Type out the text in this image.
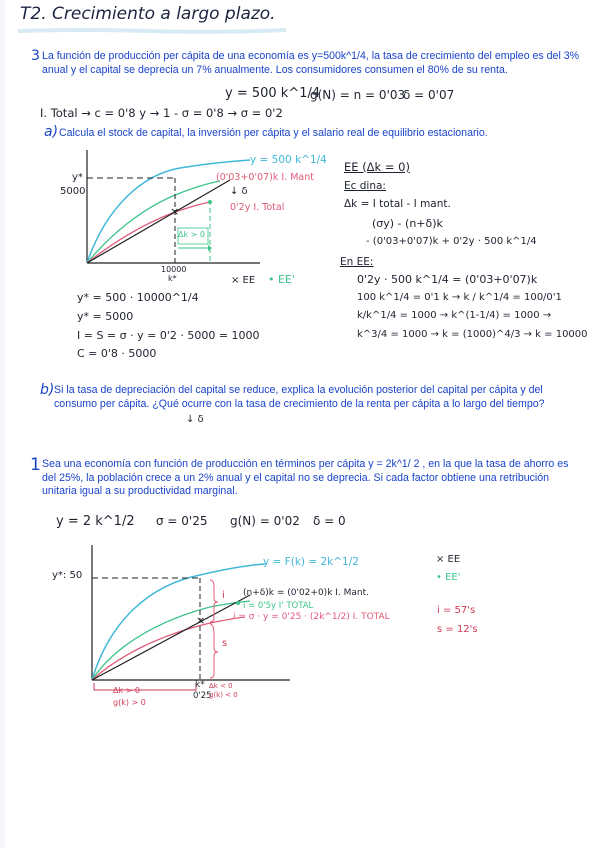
T2. Crecimiento a largo plazo.
3 La función de producción per cápita de una economía es y=500k^1/4, la tasa de crecimiento del empleo es del 3% anual y el capital se deprecia un 7% anualmente. Los consumidores consumen el 80% de su renta.
y = 500 k^1/4
g(N) = n = 0'03
δ = 0'07
I. Total → c = 0'8 y → 1 - σ = 0'8 → σ = 0'2
a) Calcula el stock de capital, la inversión per cápita y el salario real de equilibrio estacionario.
×
y*
5000
y = 500 k^1/4
(0'03+0'07)k I. Mant
↓ δ
0'2y I. Total
Δk > 0
10000
k*	× EE • EE'
y* = 500 · 10000^1/4
y* = 5000
I = S = σ · y = 0'2 · 5000 = 1000
C = 0'8 · 5000
EE (Δk = 0)
Ec dina:
Δk = I total - I mant.
(σy) - (n+δ)k
- (0'03+0'07)k + 0'2y · 500 k^1/4
En EE:
0'2y · 500 k^1/4 = (0'03+0'07)k
100 k^1/4 = 0'1 k → k / k^1/4 = 100/0'1
k/k^1/4 = 1000 → k^(1-1/4) = 1000 →
k^3/4 = 1000 → k = (1000)^4/3 → k = 10000
b) Si la tasa de depreciación del capital se reduce, explica la evolución posterior del capital per cápita y del consumo per cápita. ¿Qué ocurre con la tasa de crecimiento de la renta per cápita a lo largo del tiempo?
↓ δ
1 Sea una economía con función de producción en términos per cápita y = 2k^1/ 2 , en la que la tasa de ahorro es del 25%, la población crece a un 2% anual y el capital no se deprecia. Si cada factor obtiene una retribución unitaria igual a su productividad marginal.
y = 2 k^1/2 σ = 0'25 g(N) = 0'02 δ = 0
×
y*: 50
y = F(k) = 2k^1/2
(n+δ)k = (0'02+0)k I. Mant.
i = 0'5y I' TOTAL
i = σ · y = 0'25 · (2k^1/2) I. TOTAL
i
s
k*
0'25
Δk < 0
g(k) < 0
Δk > 0
g(k) > 0
× EE
• EE'
i = 57's
s = 12's
